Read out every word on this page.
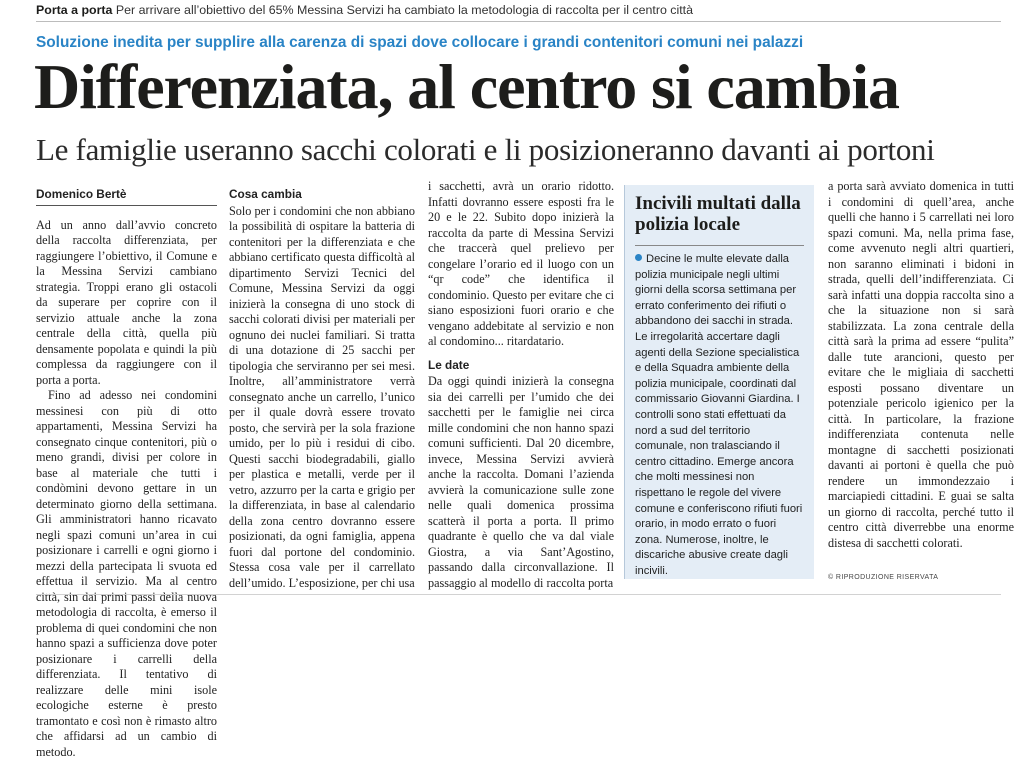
Porta a porta Per arrivare all’obiettivo del 65% Messina Servizi ha cambiato la metodologia di raccolta per il centro città
Soluzione inedita per supplire alla carenza di spazi dove collocare i grandi contenitori comuni nei palazzi
Differenziata, al centro si cambia
Le famiglie useranno sacchi colorati e li posizioneranno davanti ai portoni
Domenico Bertè

Ad un anno dall’avvio concreto della raccolta differenziata, per raggiungere l’obiettivo, il Comune e la Messina Servizi cambiano strategia. Troppi erano gli ostacoli da superare per coprire con il servizio attuale anche la zona centrale della città, quella più densamente popolata e quindi la più complessa da raggiungere con il porta a porta.

Fino ad adesso nei condomini messinesi con più di otto appartamenti, Messina Servizi ha consegnato cinque contenitori, più o meno grandi, divisi per colore in base al materiale che tutti i condòmini devono gettare in un determinato giorno della settimana. Gli amministratori hanno ricavato negli spazi comuni un’area in cui posizionare i carrelli e ogni giorno i mezzi della partecipata li svuota ed effettua il servizio. Ma al centro città, sin dai primi passi della nuova metodologia di raccolta, è emerso il problema di quei condomini che non hanno spazi a sufficienza dove poter posizionare i carrelli della differenziata. Il tentativo di realizzare delle mini isole ecologiche esterne è presto tramontato e così non è rimasto altro che affidarsi ad un cambio di metodo.

Cosa cambia

Solo per i condomini che non abbiano la possibilità di ospitare la batteria di contenitori per la differenziata e che abbiano certificato questa difficoltà al dipartimento Servizi Tecnici del Comune, Messina Servizi da oggi inizierà la consegna di uno stock di sacchi colorati divisi per materiali per ognuno dei nuclei familiari. Si tratta di una dotazione di 25 sacchi per tipologia che serviranno per sei mesi. Inoltre, all’amministratore verrà consegnato anche un carrello, l’unico per il quale dovrà essere trovato posto, che servirà per la sola frazione umido, per lo più i residui di cibo. Questi sacchi biodegradabili, giallo per plastica e metalli, verde per il vetro, azzurro per la carta e grigio per la differenziata, in base al calendario della zona centro dovranno essere posizionati, da ogni famiglia, appena fuori dal portone del condominio. Stessa cosa vale per il carrellato dell’umido. L’esposizione, per chi usa

i sacchetti, avrà un orario ridotto. Infatti dovranno essere esposti fra le 20 e le 22. Subito dopo inizierà la raccolta da parte di Messina Servizi che traccerà quel prelievo per congelare l’orario ed il luogo con un “qr code” che identifica il condominio. Questo per evitare che ci siano esposizioni fuori orario e che vengano addebitate al servizio e non al condomino... ritardatario.

Le date

Da oggi quindi inizierà la consegna sia dei carrelli per l’umido che dei sacchetti per le famiglie nei circa mille condomini che non hanno spazi comuni sufficienti. Dal 20 dicembre, invece, Messina Servizi avvierà anche la raccolta. Domani l’azienda avvierà la comunicazione sulle zone nelle quali domenica prossima scatterà il porta a porta. Il primo quadrante è quello che va dal viale Giostra, a via Sant’Agostino, passando dalla circonvallazione. Il passaggio al modello di raccolta porta

Incivili multati dalla polizia locale
Decine le multe elevate dalla polizia municipale negli ultimi giorni della scorsa settimana per errato conferimento dei rifiuti o abbandono dei sacchi in strada. Le irregolarità accertare dagli agenti della Sezione specialistica e della Squadra ambiente della polizia municipale, coordinati dal commissario Giovanni Giardina. I controlli sono stati effettuati da nord a sud del territorio comunale, non tralasciando il centro cittadino. Emerge ancora che molti messinesi non rispettano le regole del vivere comune e conferiscono rifiuti fuori orario, in modo errato o fuori zona. Numerose, inoltre, le discariche abusive create dagli incivili.

a porta sarà avviato domenica in tutti i condomini di quell’area, anche quelli che hanno i 5 carrellati nei loro spazi comuni. Ma, nella prima fase, come avvenuto negli altri quartieri, non saranno eliminati i bidoni in strada, quelli dell’indifferenziata. Ci sarà infatti una doppia raccolta sino a che la situazione non si sarà stabilizzata. La zona centrale della città sarà la prima ad essere “pulita” dalle tute arancioni, questo per evitare che le migliaia di sacchetti esposti possano diventare un potenziale pericolo igienico per la città. In particolare, la frazione indifferenziata contenuta nelle montagne di sacchetti posizionati davanti ai portoni è quella che può rendere un immondezzaio i marciapiedi cittadini. E guai se salta un giorno di raccolta, perché tutto il centro città diverrebbe una enorme distesa di sacchetti colorati.

© RIPRODUZIONE RISERVATA
